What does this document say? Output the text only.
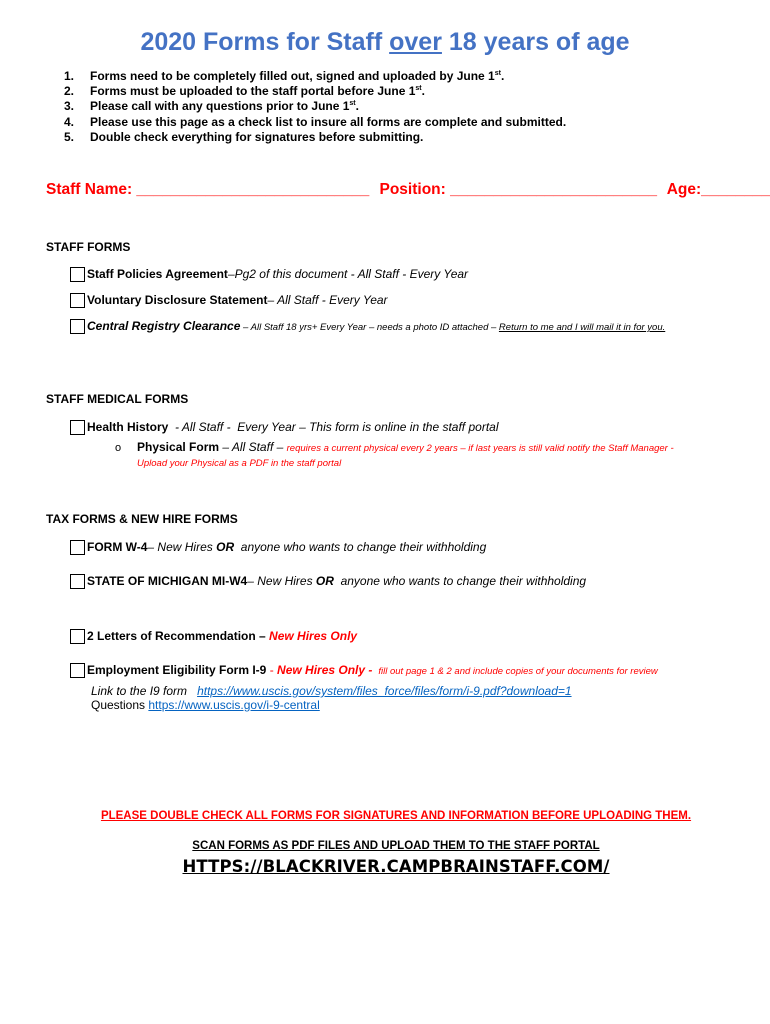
2020 Forms for Staff over 18 years of age
1. Forms need to be completely filled out, signed and uploaded by June 1st.
2. Forms must be uploaded to the staff portal before June 1st.
3. Please call with any questions prior to June 1st.
4. Please use this page as a check list to insure all forms are complete and submitted.
5. Double check everything for signatures before submitting.
Staff Name: ___________________________ Position: ________________________ Age:________
STAFF FORMS
Staff Policies Agreement –Pg2 of this document - All Staff - Every Year
Voluntary Disclosure Statement – All Staff - Every Year
Central Registry Clearance – All Staff 18 yrs+ Every Year – needs a photo ID attached – Return to me and I will mail it in for you.
STAFF MEDICAL FORMS
Health History - All Staff -  Every Year – This form is online in the staff portal
o Physical Form – All Staff – requires a current physical every 2 years – if last years is still valid notify the Staff Manager -
Upload your Physical as a PDF in the staff portal
TAX FORMS & NEW HIRE FORMS
FORM W-4 – New Hires OR anyone who wants to change their withholding
STATE OF MICHIGAN MI-W4 – New Hires OR anyone who wants to change their withholding
2 Letters of Recommendation – New Hires Only
Employment Eligibility Form I-9 - New Hires Only - fill out page 1 & 2 and include copies of your documents for review
Link to the I9 form   https://www.uscis.gov/system/files_force/files/form/i-9.pdf?download=1
Questions https://www.uscis.gov/i-9-central
PLEASE DOUBLE CHECK ALL FORMS FOR SIGNATURES AND INFORMATION BEFORE UPLOADING THEM.
SCAN FORMS AS PDF FILES AND UPLOAD THEM TO THE STAFF PORTAL
HTTPS://BLACKRIVER.CAMPBRAINSTAFF.COM/
